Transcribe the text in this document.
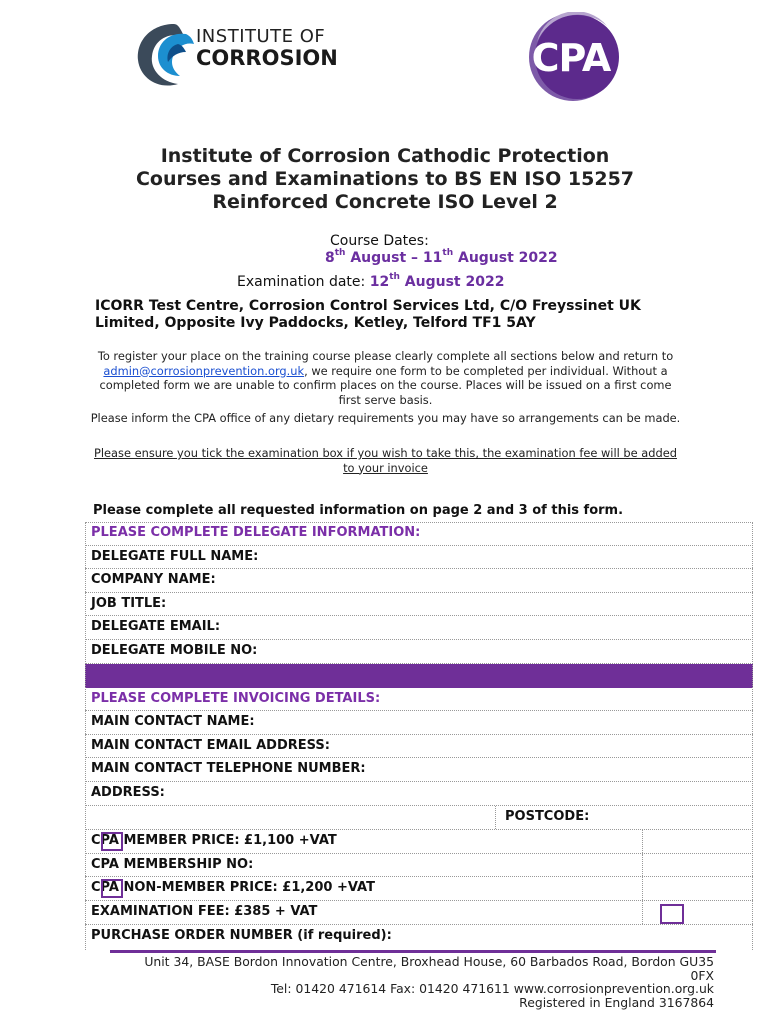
INSTITUTE OF
CORROSION	CPA
Institute of Corrosion Cathodic Protection
Courses and Examinations to BS EN ISO 15257
Reinforced Concrete ISO Level 2
Course Dates:
8th August – 11th August 2022
Examination date: 12th August 2022
ICORR Test Centre, Corrosion Control Services Ltd, C/O Freyssinet UK Limited, Opposite Ivy Paddocks, Ketley, Telford TF1 5AY
To register your place on the training course please clearly complete all sections below and return to admin@corrosionprevention.org.uk, we require one form to be completed per individual. Without a completed form we are unable to confirm places on the course. Places will be issued on a first come first serve basis.
Please inform the CPA office of any dietary requirements you may have so arrangements can be made.
Please ensure you tick the examination box if you wish to take this, the examination fee will be added to your invoice
Please complete all requested information on page 2 and 3 of this form.
PLEASE COMPLETE DELEGATE INFORMATION:
DELEGATE FULL NAME:
COMPANY NAME:
JOB TITLE:
DELEGATE EMAIL:
DELEGATE MOBILE NO:
PLEASE COMPLETE INVOICING DETAILS:
MAIN CONTACT NAME:
MAIN CONTACT EMAIL ADDRESS:
MAIN CONTACT TELEPHONE NUMBER:
ADDRESS:
POSTCODE:
CPA MEMBER PRICE: £1,100 +VAT
CPA MEMBERSHIP NO:
CPA NON-MEMBER PRICE: £1,200 +VAT
EXAMINATION FEE: £385 + VAT
PURCHASE ORDER NUMBER (if required):
Unit 34, BASE Bordon Innovation Centre, Broxhead House, 60 Barbados Road, Bordon GU35
0FX
Tel: 01420 471614 Fax: 01420 471611 www.corrosionprevention.org.uk
Registered in England 3167864
